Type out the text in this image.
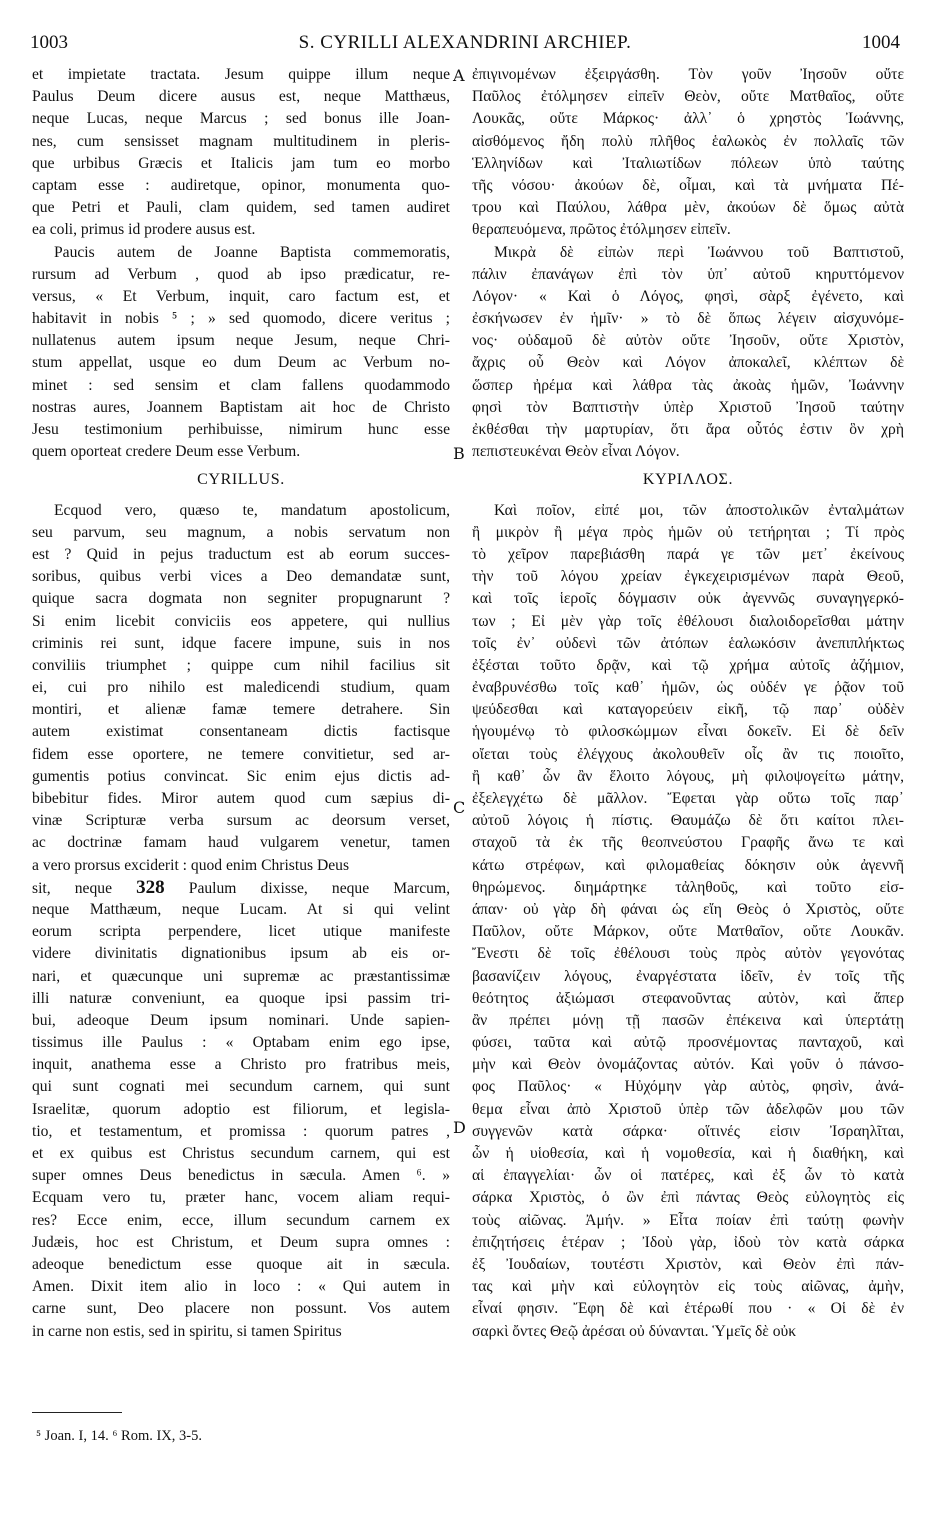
1003	S. CYRILLI ALEXANDRINI ARCHIEP.	1004
A
B
C
D
et impietate tractata. Jesum quippe illum neque
Paulus Deum dicere ausus est, neque Matthæus,
neque Lucas, neque Marcus ; sed bonus ille Joan-
nes, cum sensisset magnam multitudinem in pleris-
que urbibus Græcis et Italicis jam tum eo morbo
captam esse : audiretque, opinor, monumenta quo-
que Petri et Pauli, clam quidem, sed tamen audiret
ea coli, primus id prodere ausus est.
Paucis autem de Joanne Baptista commemoratis,
rursum ad Verbum , quod ab ipso prædicatur, re-
versus, « Et Verbum, inquit, caro factum est, et
habitavit in nobis ⁵ ; » sed quomodo, dicere veritus ;
nullatenus autem ipsum neque Jesum, neque Chri-
stum appellat, usque eo dum Deum ac Verbum no-
minet : sed sensim et clam fallens quodammodo
nostras aures, Joannem Baptistam ait hoc de Christo
Jesu testimonium perhibuisse, nimirum hunc esse
quem oporteat credere Deum esse Verbum.
CYRILLUS.
Ecquod vero, quæso te, mandatum apostolicum,
seu parvum, seu magnum, a nobis servatum non
est ? Quid in pejus traductum est ab eorum succes-
soribus, quibus verbi vices a Deo demandatæ sunt,
quique sacra dogmata non segniter propugnarunt ?
Si enim licebit conviciis eos appetere, qui nullius
criminis rei sunt, idque facere impune, suis in nos
conviliis triumphet ; quippe cum nihil facilius sit
ei, cui pro nihilo est maledicendi studium, quam
montiri, et alienæ famæ temere detrahere. Sin
autem existimat consentaneam dictis factisque
fidem esse oportere, ne temere convitietur, sed ar-
gumentis potius convincat. Sic enim ejus dictis ad-
bibebitur fides. Miror autem quod cum sæpius di-
vinæ Scripturæ verba sursum ac deorsum verset,
ac doctrinæ famam haud vulgarem venetur, tamen
a vero prorsus exciderit : quod enim Christus Deus
sit, neque 328 Paulum dixisse, neque Marcum,
neque Matthæum, neque Lucam. At si qui velint
eorum scripta perpendere, licet utique manifeste
videre divinitatis dignationibus ipsum ab eis or-
nari, et quæcunque uni supremæ ac præstantissimæ
illi naturæ conveniunt, ea quoque ipsi passim tri-
bui, adeoque Deum ipsum nominari. Unde sapien-
tissimus ille Paulus : « Optabam enim ego ipse,
inquit, anathema esse a Christo pro fratribus meis,
qui sunt cognati mei secundum carnem, qui sunt
Israelitæ, quorum adoptio est filiorum, et legisla-
tio, et testamentum, et promissa : quorum patres ,
et ex quibus est Christus secundum carnem, qui est
super omnes Deus benedictus in sæcula. Amen ⁶. »
Ecquam vero tu, præter hanc, vocem aliam requi-
res? Ecce enim, ecce, illum secundum carnem ex
Judæis, hoc est Christum, et Deum supra omnes :
adeoque benedictum esse quoque ait in sæcula.
Amen. Dixit item alio in loco : « Qui autem in
carne sunt, Deo placere non possunt. Vos autem
in carne non estis, sed in spiritu, si tamen Spiritus
ἐπιγινομένων ἐξειργάσθη. Τὸν γοῦν Ἰησοῦν οὔτε
Παῦλος ἐτόλμησεν εἰπεῖν Θεὸν, οὔτε Ματθαῖος, οὔτε
Λουκᾶς, οὔτε Μάρκος· ἀλλ᾽ ὁ χρηστὸς Ἰωάννης,
αἰσθόμενος ἤδη πολὺ πλῆθος ἑαλωκὸς ἐν πολλαῖς τῶν
Ἑλληνίδων καὶ Ἰταλιωτίδων πόλεων ὑπὸ ταύτης
τῆς νόσου· ἀκούων δὲ, οἶμαι, καὶ τὰ μνήματα Πέ-
τρου καὶ Παύλου, λάθρα μὲν, ἀκούων δὲ ὅμως αὐτὰ
θεραπευόμενα, πρῶτος ἐτόλμησεν εἰπεῖν.
Μικρὰ δὲ εἰπὼν περὶ Ἰωάννου τοῦ Βαπτιστοῦ,
πάλιν ἐπανάγων ἐπὶ τὸν ὑπ᾽ αὐτοῦ κηρυττόμενον
Λόγον· « Καὶ ὁ Λόγος, φησὶ, σὰρξ ἐγένετο, καὶ
ἐσκήνωσεν ἐν ἡμῖν· » τὸ δὲ ὅπως λέγειν αἰσχυνόμε-
νος· οὐδαμοῦ δὲ αὐτὸν οὔτε Ἰησοῦν, οὔτε Χριστὸν,
ἄχρις οὗ Θεὸν καὶ Λόγον ἀποκαλεῖ, κλέπτων δὲ
ὥσπερ ἠρέμα καὶ λάθρα τὰς ἀκοὰς ἡμῶν, Ἰωάννην
φησὶ τὸν Βαπτιστὴν ὑπὲρ Χριστοῦ Ἰησοῦ ταύτην
ἐκθέσθαι τὴν μαρτυρίαν, ὅτι ἄρα οὗτός ἐστιν ὃν χρὴ
πεπιστευκέναι Θεὸν εἶναι Λόγον.
ΚΥΡΙΛΛΟΣ.
Καὶ ποῖον, εἰπέ μοι, τῶν ἀποστολικῶν ἐνταλμάτων
ἢ μικρὸν ἢ μέγα πρὸς ἡμῶν οὐ τετήρηται ; Τί πρὸς
τὸ χεῖρον παρεβιάσθη παρά γε τῶν μετ᾽ ἐκείνους
τὴν τοῦ λόγου χρείαν ἐγκεχειρισμένων παρὰ Θεοῦ,
καὶ τοῖς ἱεροῖς δόγμασιν οὐκ ἀγεννῶς συναγηγερκό-
των ; Εἰ μὲν γὰρ τοῖς ἐθέλουσι διαλοιδορεῖσθαι μάτην
τοῖς ἐν᾽ οὐδενὶ τῶν ἀτόπων ἑαλωκόσιν ἀνεπιπλήκτως
ἐξέσται τοῦτο δρᾷν, καὶ τῷ χρήμα αὐτοῖς ἀζήμιον,
ἐναβρυνέσθω τοῖς καθ᾽ ἡμῶν, ὡς οὐδέν γε ῥᾷον τοῦ
ψεύδεσθαι καὶ καταγορεύειν εἰκῆ, τῷ παρ᾽ οὐδὲν
ἡγουμένῳ τὸ φιλοσκώμμων εἶναι δοκεῖν. Εἰ δὲ δεῖν
οἴεται τοὺς ἐλέγχους ἀκολουθεῖν οἷς ἂν τις ποιοῖτο,
ἢ καθ᾽ ὧν ἂν ἕλοιτο λόγους, μὴ φιλοψογείτω μάτην,
ἐξελεγχέτω δὲ μᾶλλον. Ἔφεται γὰρ οὕτω τοῖς παρ᾽
αὐτοῦ λόγοις ἡ πίστις. Θαυμάζω δὲ ὅτι καίτοι πλει-
σταχοῦ τὰ ἐκ τῆς θεοπνεύστου Γραφῆς ἄνω τε καὶ
κάτω στρέφων, καὶ φιλομαθείας δόκησιν οὐκ ἀγεννῆ
θηρώμενος. διημάρτηκε τἀληθοῦς, καὶ τοῦτο εἰσ-
άπαν· οὐ γὰρ δὴ φάναι ὡς εἴη Θεὸς ὁ Χριστὸς, οὔτε
Παῦλον, οὔτε Μάρκον, οὔτε Ματθαῖον, οὔτε Λουκᾶν.
Ἔνεστι δὲ τοῖς ἐθέλουσι τοὺς πρὸς αὐτὸν γεγονότας
βασανίζειν λόγους, ἐναργέστατα ἰδεῖν, ἐν τοῖς τῆς
θεότητος ἀξιώμασι στεφανοῦντας αὐτὸν, καὶ ἅπερ
ἂν πρέπει μόνῃ τῇ πασῶν ἐπέκεινα καὶ ὑπερτάτῃ
φύσει, ταῦτα καὶ αὐτῷ προσνέμοντας πανταχοῦ, καὶ
μὴν καὶ Θεὸν ὀνομάζοντας αὐτόν. Καὶ γοῦν ὁ πάνσο-
φος Παῦλος· « Ηὐχόμην γὰρ αὐτὸς, φησὶν, ἀνά-
θεμα εἶναι ἀπὸ Χριστοῦ ὑπὲρ τῶν ἀδελφῶν μου τῶν
συγγενῶν κατὰ σάρκα· οἵτινές εἰσιν Ἰσραηλῖται,
ὧν ἡ υἱοθεσία, καὶ ἡ νομοθεσία, καὶ ἡ διαθήκη, καὶ
αἱ ἐπαγγελίαι· ὧν οἱ πατέρες, καὶ ἐξ ὧν τὸ κατὰ
σάρκα Χριστὸς, ὁ ὢν ἐπὶ πάντας Θεὸς εὐλογητὸς εἰς
τοὺς αἰῶνας. Ἀμήν. » Εἶτα ποίαν ἐπὶ ταύτῃ φωνὴν
ἐπιζητήσεις ἑτέραν ; Ἰδοὺ γὰρ, ἰδοὺ τὸν κατὰ σάρκα
ἐξ Ἰουδαίων, τουτέστι Χριστὸν, καὶ Θεὸν ἐπὶ πάν-
τας καὶ μὴν καὶ εὐλογητὸν εἰς τοὺς αἰῶνας, ἀμὴν,
εἶναί φησιν. Ἔφη δὲ καὶ ἑτέρωθί που · « Οἱ δὲ ἐν
σαρκὶ ὄντες Θεῷ ἀρέσαι οὐ δύνανται. Ὑμεῖς δὲ οὐκ
⁵ Joan. I, 14. ⁶ Rom. IX, 3-5.
